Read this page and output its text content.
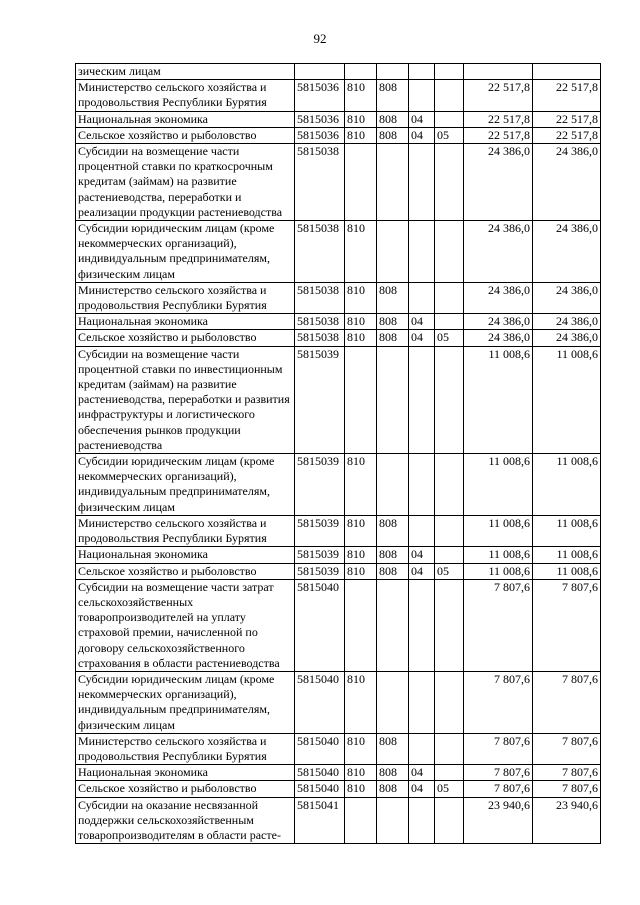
92
зическим лицам							
Министерство сельского хозяйства и продовольствия Республики Бурятия	5815036	810	808			22 517,8	22 517,8
Национальная экономика	5815036	810	808	04		22 517,8	22 517,8
Сельское хозяйство и рыболовство	5815036	810	808	04	05	22 517,8	22 517,8
Субсидии на возмещение части процентной ставки по краткосрочным кредитам (займам) на развитие растениеводства, переработки и реализации продукции растениеводства	5815038					24 386,0	24 386,0
Субсидии юридическим лицам (кроме некоммерческих организаций), индивидуальным предпринимателям, физическим лицам	5815038	810				24 386,0	24 386,0
Министерство сельского хозяйства и продовольствия Республики Бурятия	5815038	810	808			24 386,0	24 386,0
Национальная экономика	5815038	810	808	04		24 386,0	24 386,0
Сельское хозяйство и рыболовство	5815038	810	808	04	05	24 386,0	24 386,0
Субсидии на возмещение части процентной ставки по инвестиционным кредитам (займам) на развитие растениеводства, переработки и развития инфраструктуры и логистического обеспечения рынков продукции растениеводства	5815039					11 008,6	11 008,6
Субсидии юридическим лицам (кроме некоммерческих организаций), индивидуальным предпринимателям, физическим лицам	5815039	810				11 008,6	11 008,6
Министерство сельского хозяйства и продовольствия Республики Бурятия	5815039	810	808			11 008,6	11 008,6
Национальная экономика	5815039	810	808	04		11 008,6	11 008,6
Сельское хозяйство и рыболовство	5815039	810	808	04	05	11 008,6	11 008,6
Субсидии на возмещение части затрат сельскохозяйственных товаропроизводителей на уплату страховой премии, начисленной по договору сельскохозяйственного страхования в области растениеводства	5815040					7 807,6	7 807,6
Субсидии юридическим лицам (кроме некоммерческих организаций), индивидуальным предпринимателям, физическим лицам	5815040	810				7 807,6	7 807,6
Министерство сельского хозяйства и продовольствия Республики Бурятия	5815040	810	808			7 807,6	7 807,6
Национальная экономика	5815040	810	808	04		7 807,6	7 807,6
Сельское хозяйство и рыболовство	5815040	810	808	04	05	7 807,6	7 807,6
Субсидии на оказание несвязанной поддержки сельскохозяйственным товаропроизводителям в области расте-	5815041					23 940,6	23 940,6
